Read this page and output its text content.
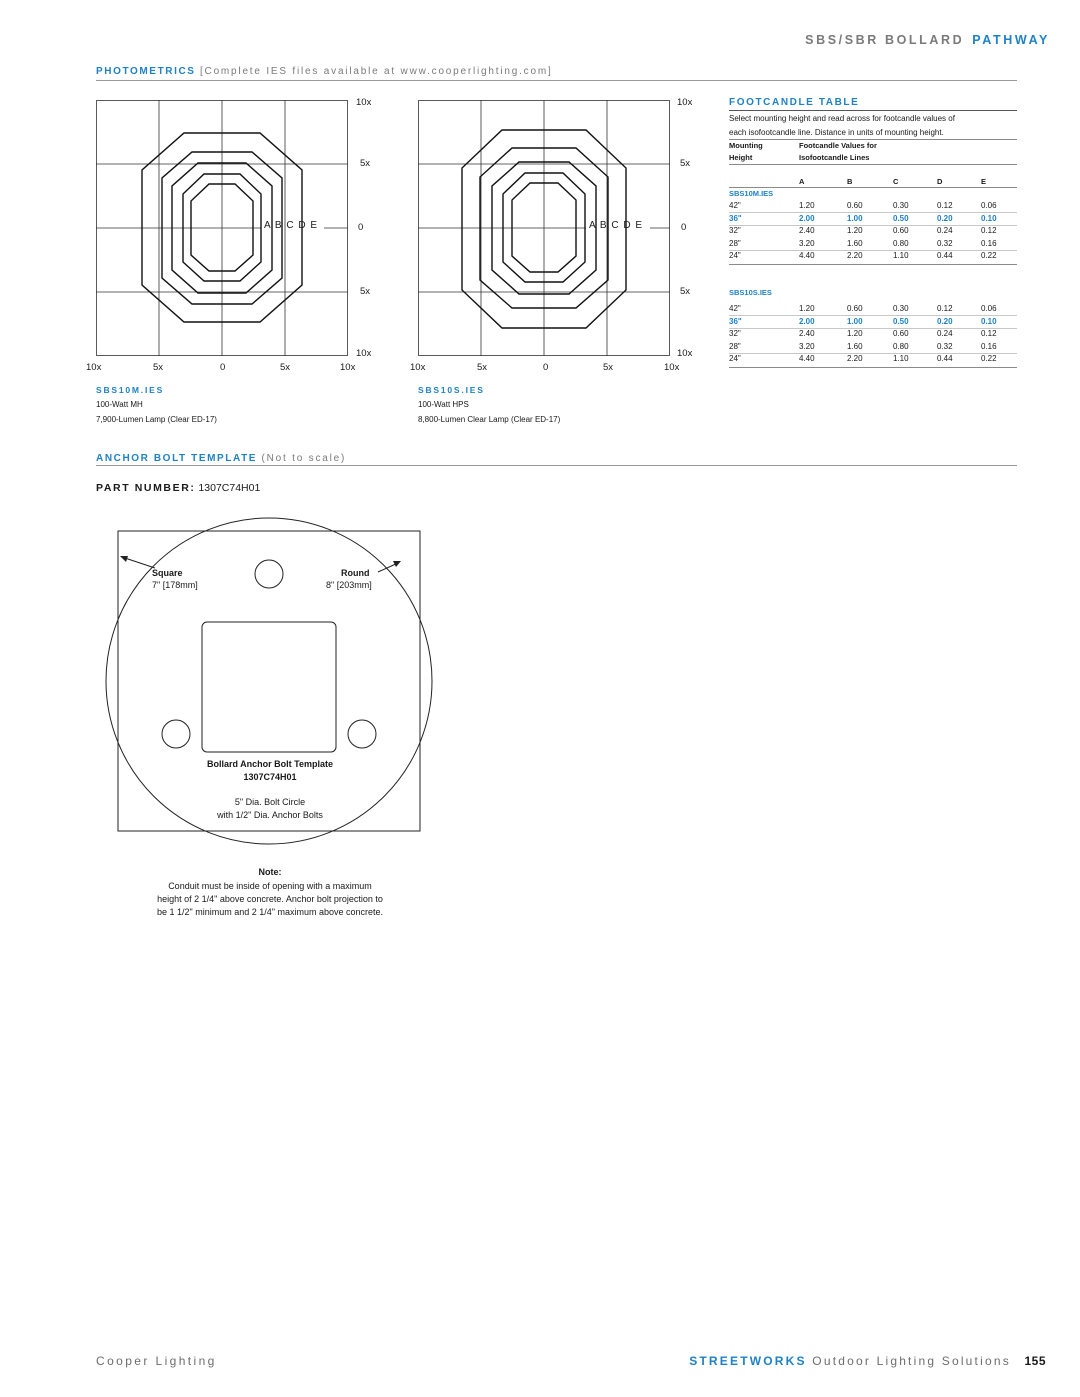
SBS/SBR BOLLARD PATHWAY
PHOTOMETRICS [Complete IES files available at www.cooperlighting.com]
A B C D E
10x
5x
0
5x
10x
10x	5x	0	5x	10x
SBS10M.IES
100-Watt MH
7,900-Lumen Lamp (Clear ED-17)
A B C D E
10x
5x
0
5x
10x
10x	5x	0	5x	10x
SBS10S.IES
100-Watt HPS
8,800-Lumen Clear Lamp (Clear ED-17)
FOOTCANDLE TABLE
Select mounting height and read across for footcandle values of
each isofootcandle line. Distance in units of mounting height.
Mounting	Footcandle Values for
Height	Isofootcandle Lines
A	B	C	D	E
SBS10M.IES
42"	1.20	0.60	0.30	0.12	0.06
36"	2.00	1.00	0.50	0.20	0.10
32"	2.40	1.20	0.60	0.24	0.12
28"	3.20	1.60	0.80	0.32	0.16
24"	4.40	2.20	1.10	0.44	0.22
SBS10S.IES
42"	1.20	0.60	0.30	0.12	0.06
36"	2.00	1.00	0.50	0.20	0.10
32"	2.40	1.20	0.60	0.24	0.12
28"	3.20	1.60	0.80	0.32	0.16
24"	4.40	2.20	1.10	0.44	0.22
ANCHOR BOLT TEMPLATE (Not to scale)
PART NUMBER: 1307C74H01
Square
7" [178mm]
Round
8" [203mm]
Bollard Anchor Bolt Template
1307C74H01
5" Dia. Bolt Circle
with 1/2" Dia. Anchor Bolts
Note:
Conduit must be inside of opening with a maximum
height of 2 1/4" above concrete. Anchor bolt projection to
be 1 1/2" minimum and 2 1/4" maximum above concrete.
Cooper Lighting	STREETWORKS Outdoor Lighting Solutions 155
